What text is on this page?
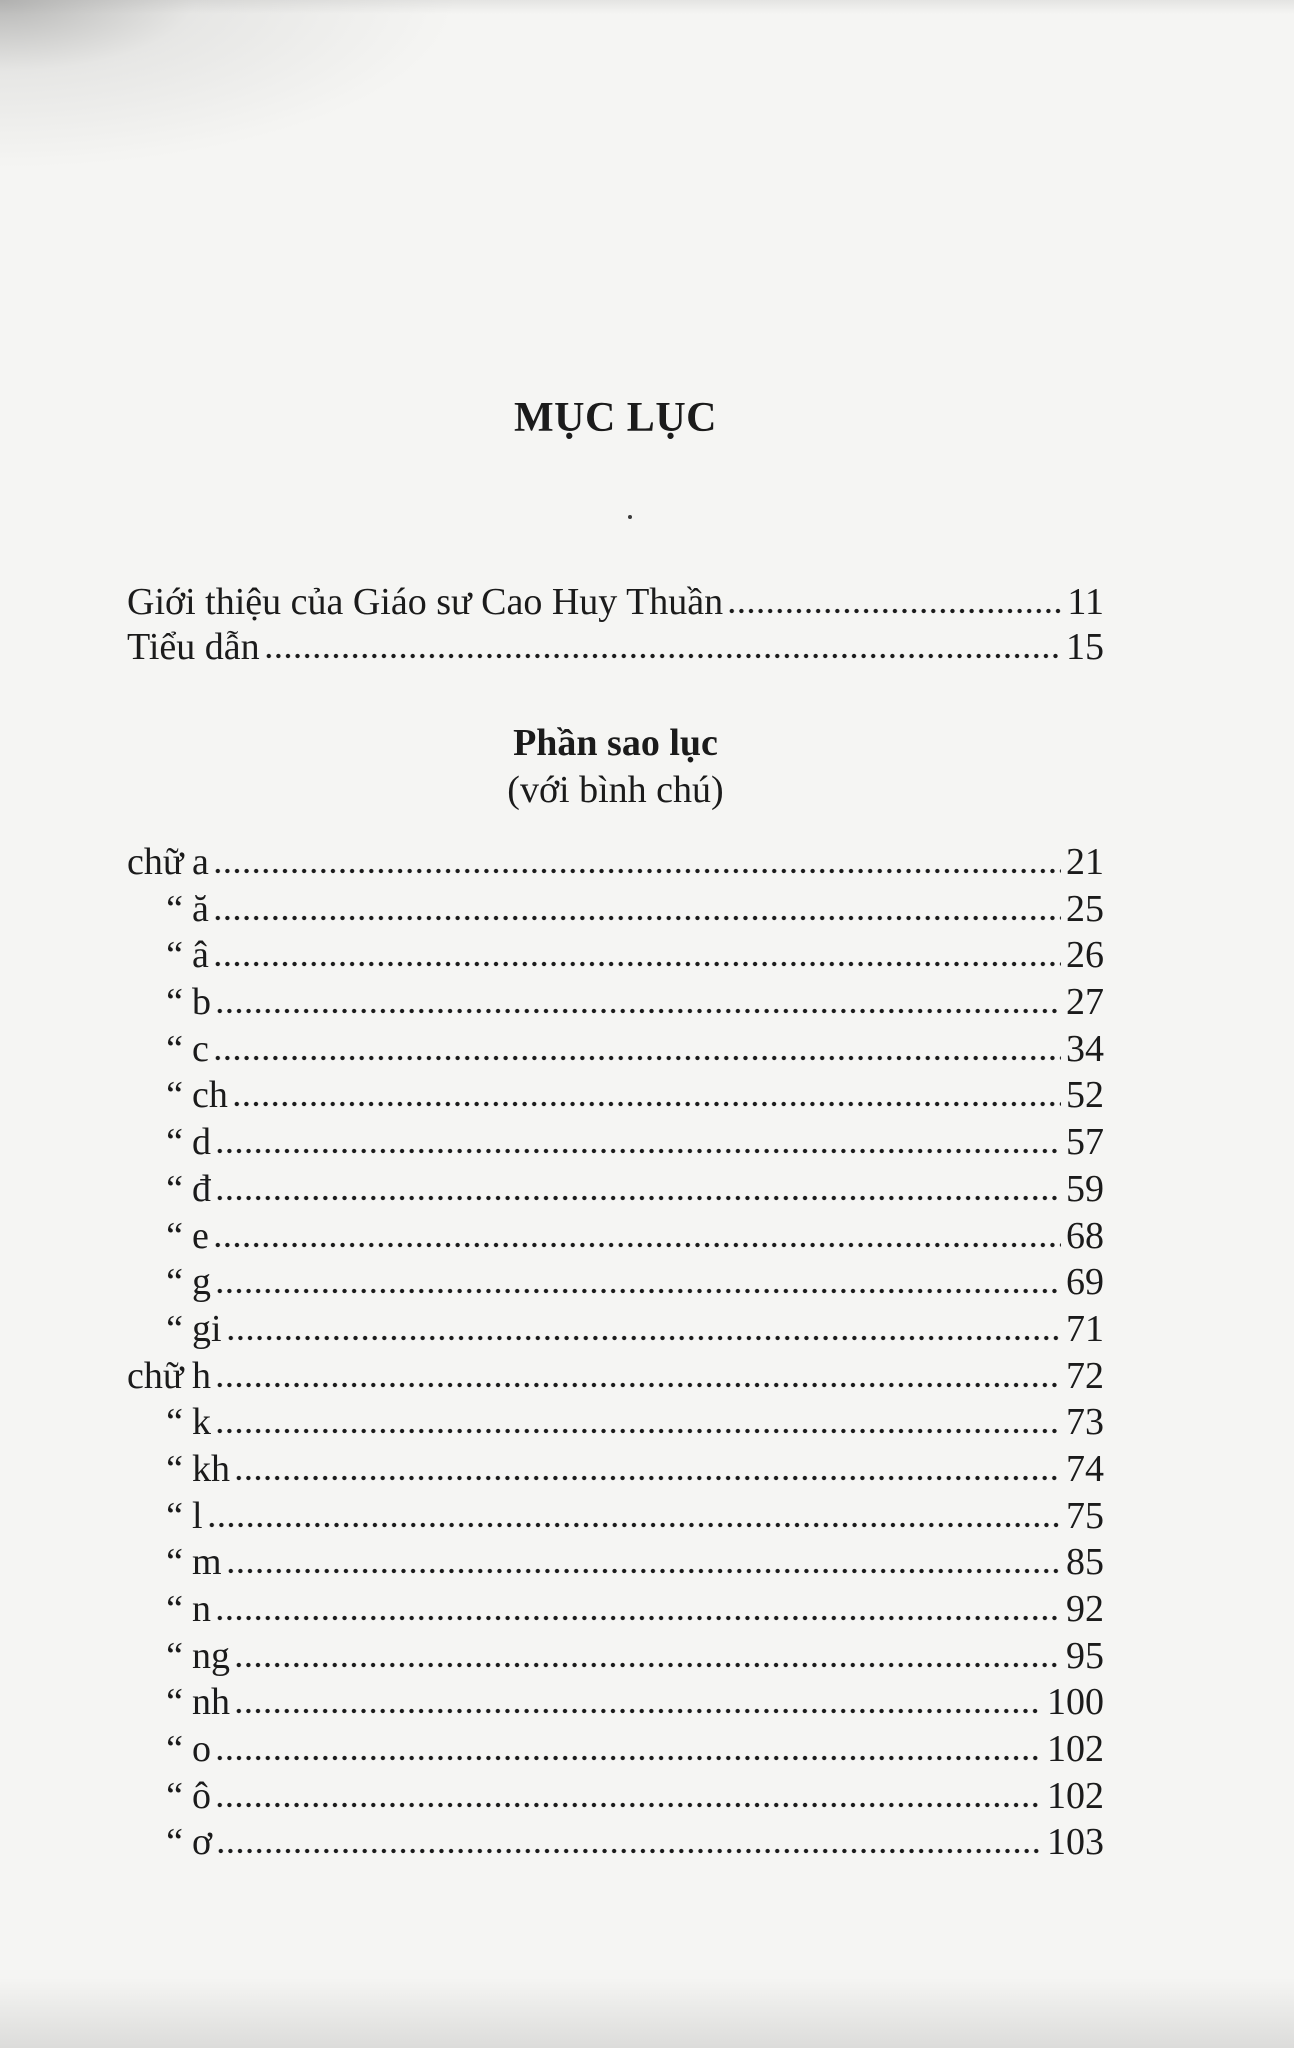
MỤC LỤC
Giới thiệu của Giáo sư Cao Huy Thuần	11
Tiểu dẫn	15
Phần sao lục
(với bình chú)
chữ a	21
“ ă	25
“ â	26
“ b	27
“ c	34
“ ch	52
“ d	57
“ đ	59
“ e	68
“ g	69
“ gi	71
chữ h	72
“ k	73
“ kh	74
“ l	75
“ m	85
“ n	92
“ ng	95
“ nh	100
“ o	102
“ ô	102
“ ơ	103
